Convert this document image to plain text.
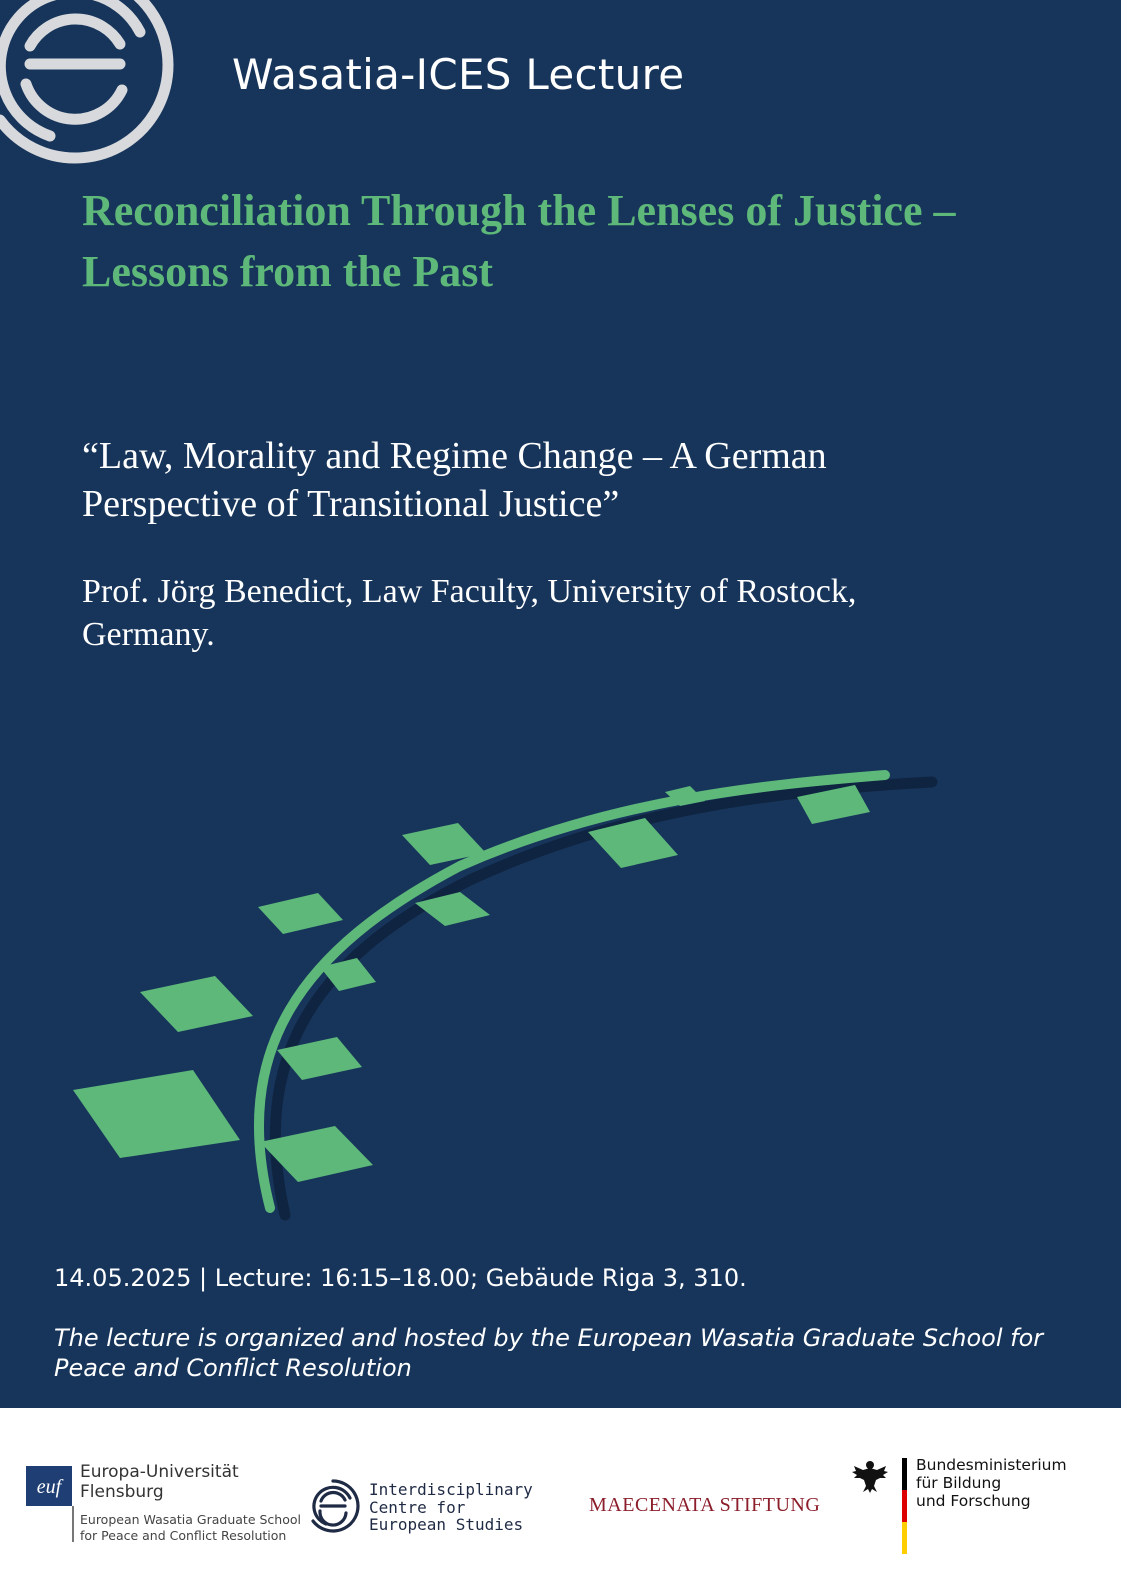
Wasatia-ICES Lecture
Reconciliation Through the Lenses of Justice –
Lessons from the Past
“Law, Morality and Regime Change – A German
Perspective of Transitional Justice”
Prof. Jörg Benedict, Law Faculty, University of Rostock,
Germany.
14.05.2025 | Lecture: 16:15–18.00; Gebäude Riga 3, 310.
The lecture is organized and hosted by the European Wasatia Graduate School for
Peace and Conflict Resolution
euf
Europa-Universität
Flensburg
European Wasatia Graduate School
for Peace and Conflict Resolution
Interdisciplinary
Centre for
European Studies
MAECENATA STIFTUNG
Bundesministerium
für Bildung
und Forschung
